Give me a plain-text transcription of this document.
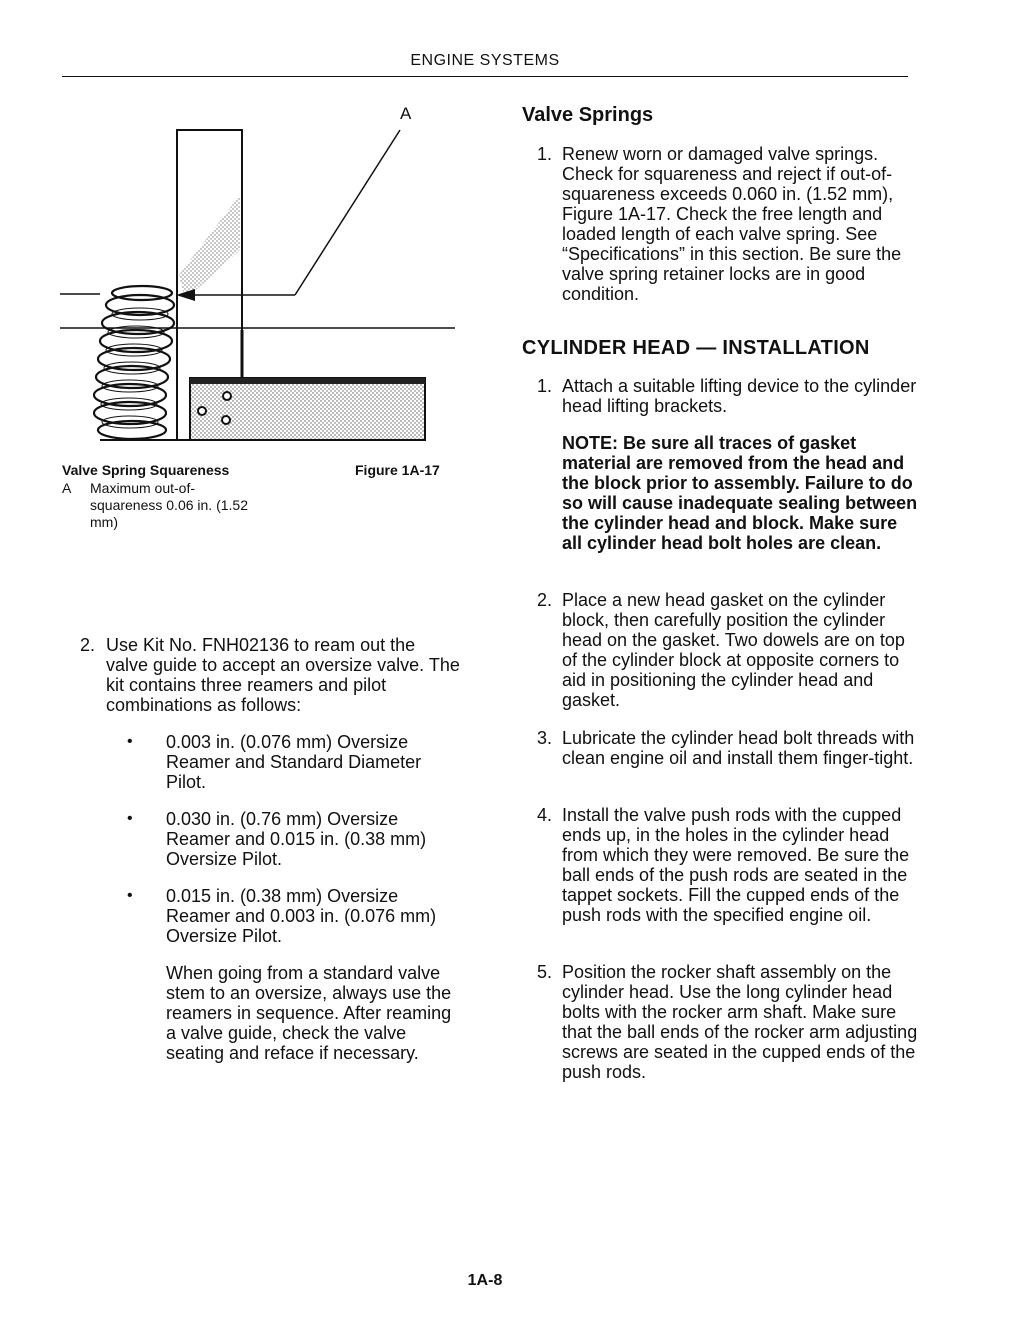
ENGINE SYSTEMS
A
Valve Spring Squareness	Figure 1A-17
A Maximum out-of-squareness 0.06 in. (1.52 mm)
2. Use Kit No. FNH02136 to ream out the valve guide to accept an oversize valve. The kit contains three reamers and pilot combinations as follows:
• 0.003 in. (0.076 mm) Oversize Reamer and Standard Diameter Pilot.
• 0.030 in. (0.76 mm) Oversize Reamer and 0.015 in. (0.38 mm) Oversize Pilot.
• 0.015 in. (0.38 mm) Oversize Reamer and 0.003 in. (0.076 mm) Oversize Pilot.
When going from a standard valve stem to an oversize, always use the reamers in sequence. After reaming a valve guide, check the valve seating and reface if necessary.
Valve Springs
1. Renew worn or damaged valve springs. Check for squareness and reject if out-of-squareness exceeds 0.060 in. (1.52 mm), Figure 1A-17. Check the free length and loaded length of each valve spring. See “Specifications” in this section. Be sure the valve spring retainer locks are in good condition.
CYLINDER HEAD — INSTALLATION
1. Attach a suitable lifting device to the cylinder head lifting brackets.
NOTE: Be sure all traces of gasket material are removed from the head and the block prior to assembly. Failure to do so will cause inadequate sealing between the cylinder head and block. Make sure all cylinder head bolt holes are clean.
2. Place a new head gasket on the cylinder block, then carefully position the cylinder head on the gasket. Two dowels are on top of the cylinder block at opposite corners to aid in positioning the cylinder head and gasket.
3. Lubricate the cylinder head bolt threads with clean engine oil and install them finger-tight.
4. Install the valve push rods with the cupped ends up, in the holes in the cylinder head from which they were removed. Be sure the ball ends of the push rods are seated in the tappet sockets. Fill the cupped ends of the push rods with the specified engine oil.
5. Position the rocker shaft assembly on the cylinder head. Use the long cylinder head bolts with the rocker arm shaft. Make sure that the ball ends of the rocker arm adjusting screws are seated in the cupped ends of the push rods.
1A-8
